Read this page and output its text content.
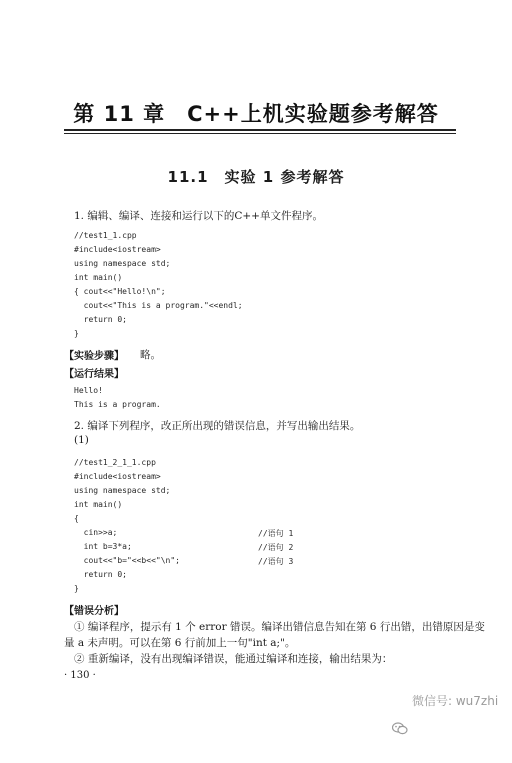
第 11 章　C++上机实验题参考解答
11.1　实验 1 参考解答
1. 编辑、编译、连接和运行以下的C++单文件程序。
//test1_1.cpp
#include<iostream>
using namespace std;
int main()
{ cout<<"Hello!\n";
cout<<"This is a program."<<endl;
return 0;
}
【实验步骤】 略。
【运行结果】
Hello!
This is a program.
2. 编译下列程序，改正所出现的错误信息，并写出输出结果。
(1)
//test1_2_1_1.cpp
#include<iostream>
using namespace std;
int main()
{
cin>>a;
int b=3*a;
cout<<"b="<<b<<"\n";
return 0;
}
//语句 1
//语句 2
//语句 3
【错误分析】
① 编译程序，提示有 1 个 error 错误。编译出错信息告知在第 6 行出错，出错原因是变
量 a 未声明。可以在第 6 行前加上一句"int a;"。
② 重新编译，没有出现编译错误，能通过编译和连接，输出结果为：
· 130 ·

微信号: wu7zhi
